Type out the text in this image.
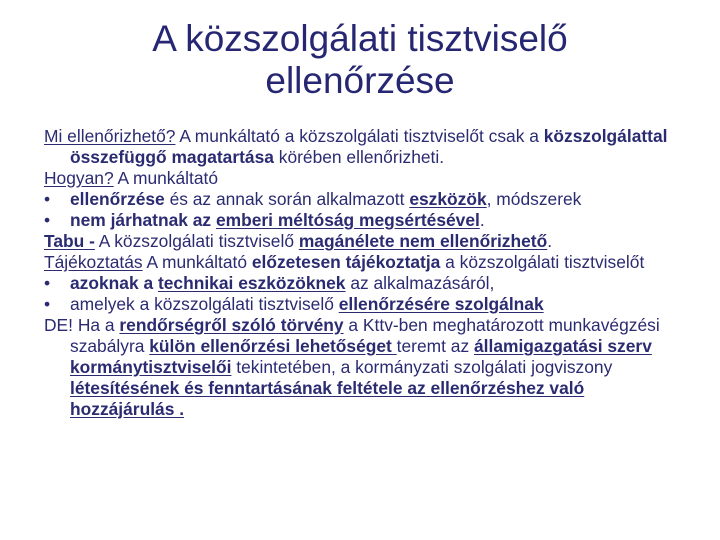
A közszolgálati tisztviselő
ellenőrzése

Mi ellenőrizhető? A munkáltató a közszolgálati tisztviselőt csak a közszolgálattal összefüggő magatartása körében ellenőrizheti.

Hogyan? A munkáltató

• ellenőrzése és az annak során alkalmazott eszközök, módszerek

• nem járhatnak az emberi méltóság megsértésével.

Tabu - A közszolgálati tisztviselő magánélete nem ellenőrizhető.

Tájékoztatás A munkáltató előzetesen tájékoztatja a közszolgálati tisztviselőt

• azoknak a technikai eszközöknek az alkalmazásáról,

• amelyek a közszolgálati tisztviselő ellenőrzésére szolgálnak

DE! Ha a rendőrségről szóló törvény a Kttv-ben meghatározott munkavégzési szabályra külön ellenőrzési lehetőséget teremt az államigazgatási szerv kormánytisztviselői tekintetében, a kormányzati szolgálati jogviszony létesítésének és fenntartásának feltétele az ellenőrzéshez való hozzájárulás .
